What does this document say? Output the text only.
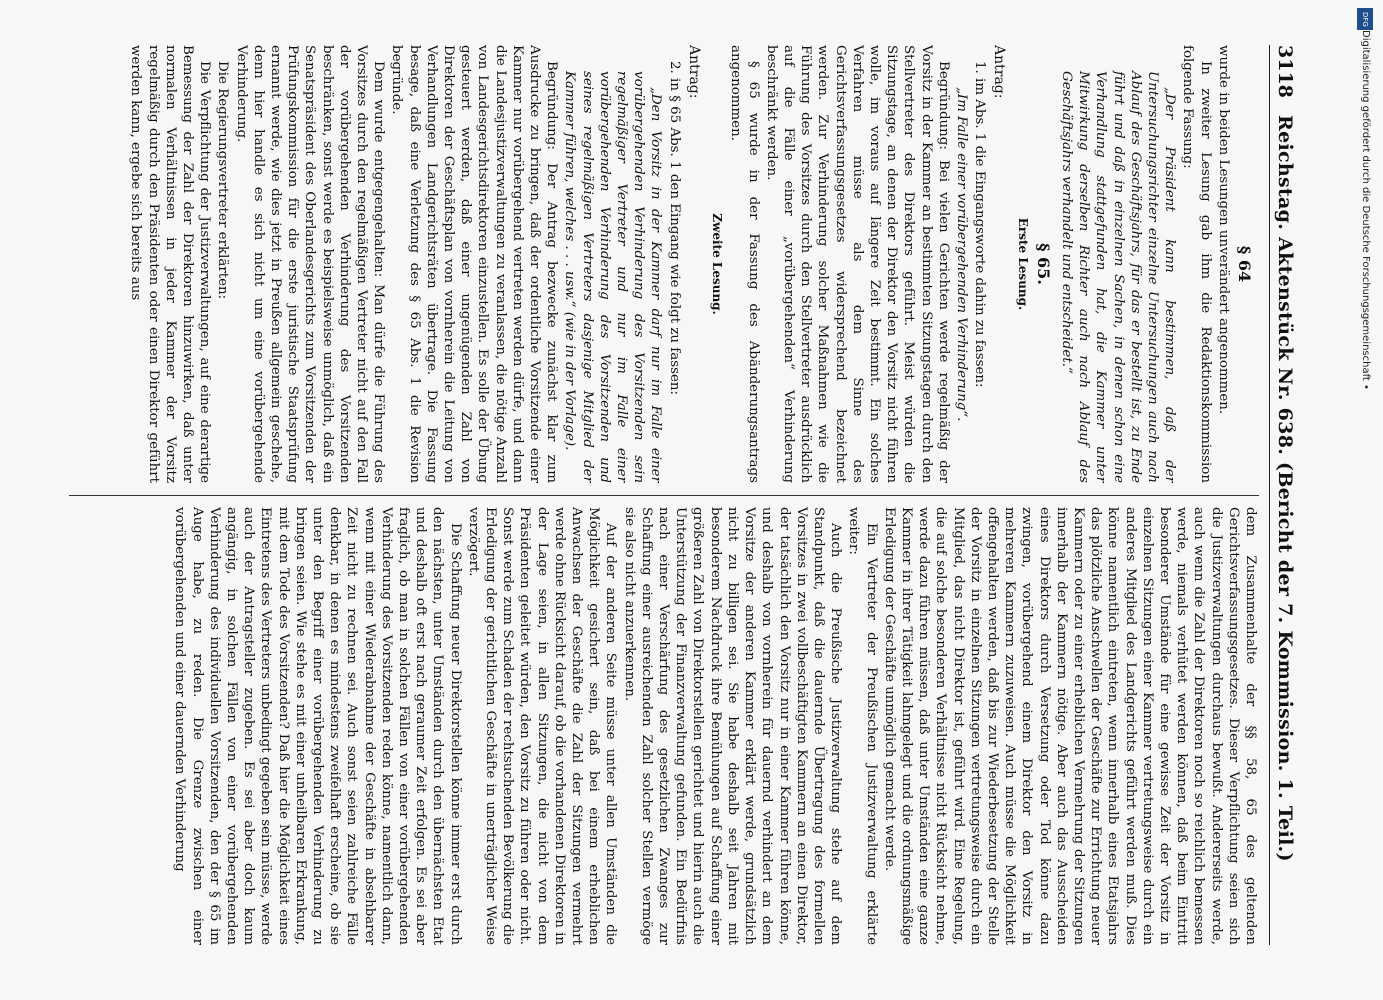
3118
Reichstag. Aktenstück Nr. 638. (Bericht der 7. Kommission. 1. Teil.)
§ 64

wurde in beiden Lesungen unverändert angenommen.

In zweiter Lesung gab ihm die Redaktionskommission folgende Fassung:

„Der Präsident kann bestimmen, daß der Untersuchungsrichter einzelne Untersuchungen auch nach Ablauf des Geschäftsjahrs, für das er bestellt ist, zu Ende führt und daß in einzelnen Sachen, in denen schon eine Verhandlung stattgefunden hat, die Kammer unter Mitwirkung derselben Richter auch nach Ablauf des Geschäftsjahrs verhandelt und entscheidet.“

§ 65.
Erste Lesung.
Antrag:

1. im Abs. 1 die Eingangsworte dahin zu fassen:

„Im Falle einer vorübergehenden Verhinderung“.

Begründung: Bei vielen Gerichten werde regelmäßig der Vorsitz in der Kammer an bestimmten Sitzungstagen durch den Stellvertreter des Direktors geführt. Meist würden die Sitzungstage, an denen der Direktor den Vorsitz nicht führen wolle, im voraus auf längere Zeit bestimmt. Ein solches Verfahren müsse als dem Sinne des Gerichtsverfassungsgesetzes widersprechend bezeichnet werden. Zur Verhinderung solcher Maßnahmen wie die Führung des Vorsitzes durch den Stellvertreter ausdrücklich auf die Fälle einer „vorübergehenden“ Verhinderung beschränkt werden.

§ 65 wurde in der Fassung des Abänderungsantrags angenommen.

Zweite Lesung.
Antrag:

2. in § 65 Abs. 1 den Eingang wie folgt zu fassen:

„Den Vorsitz in der Kammer darf nur im Falle einer vorübergehenden Verhinderung des Vorsitzenden sein regelmäßiger Vertreter und nur im Falle einer vorübergehenden Verhinderung des Vorsitzenden und seines regelmäßigen Vertreters dasjenige Mitglied der Kammer führen, welches . . . usw.“ (wie in der Vorlage).

Begründung: Der Antrag bezwecke zunächst klar zum Ausdrucke zu bringen, daß der ordentliche Vorsitzende einer Kammer nur vorübergehend vertreten werden dürfe, und dann die Landesjustizverwaltungen zu veranlassen, die nötige Anzahl von Landesgerichtsdirektoren einzustellen. Es solle der Übung gesteuert werden, daß einer ungenügenden Zahl von Direktoren der Geschäftsplan von vornherein die Leitung von Verhandlungen Landgerichtsräten übertrage. Die Fassung besage, daß eine Verletzung des § 65 Abs. 1 die Revision begründe.

Dem wurde entgegengehalten: Man dürfe die Führung des Vorsitzes durch den regelmäßigen Vertreter nicht auf den Fall der vorübergehenden Verhinderung des Vorsitzenden beschränken, sonst werde es beispielsweise unmöglich, daß ein Senatspräsident des Oberlandesgerichts zum Vorsitzenden der Prüfungskommission für die erste juristische Staatsprüfung ernannt werde, wie dies jetzt in Preußen allgemein geschehe, denn hier handle es sich nicht um eine vorübergehende Verhinderung.

Die Regierungsvertreter erklärten:

Die Verpflichtung der Justizverwaltungen, auf eine derartige Bemessung der Zahl der Direktoren hinzuwirken, daß unter normalen Verhältnissen in jeder Kammer der Vorsitz regelmäßig durch den Präsidenten oder einen Direktor geführt werden kann, ergebe sich bereits aus

dem Zusammenhalte der §§ 58, 65 des geltenden Gerichtsverfassungsgesetzes. Dieser Verpflichtung seien sich die Justizverwaltungen durchaus bewußt. Andererseits werde, auch wenn die Zahl der Direktoren noch so reichlich bemessen werde, niemals verhütet werden können, daß beim Eintritt besonderer Umstände für eine gewisse Zeit der Vorsitz in einzelnen Sitzungen einer Kammer vertretungsweise durch ein anderes Mitglied des Landgerichts geführt werden muß. Dies könne namentlich eintreten, wenn innerhalb eines Etatsjahrs das plötzliche Anschwellen der Geschäfte zur Errichtung neuer Kammern oder zu einer erheblichen Vermehrung der Sitzungen innerhalb der Kammern nötige. Aber auch das Ausscheiden eines Direktors durch Versetzung oder Tod könne dazu zwingen, vorübergehend einem Direktor den Vorsitz in mehreren Kammern zuzuweisen. Auch müsse die Möglichkeit offengehalten werden, daß bis zur Wiederbesetzung der Stelle der Vorsitz in einzelnen Sitzungen vertretungsweise durch ein Mitglied, das nicht Direktor ist, geführt wird. Eine Regelung, die auf solche besonderen Verhältnisse nicht Rücksicht nehme, werde dazu führen müssen, daß unter Umständen eine ganze Kammer in ihrer Tätigkeit lahmgelegt und die ordnungsmäßige Erledigung der Geschäfte unmöglich gemacht werde.

Ein Vertreter der Preußischen Justizverwaltung erklärte weiter:

Auch die Preußische Justizverwaltung stehe auf dem Standpunkt, daß die dauernde Übertragung des formellen Vorsitzes in zwei vollbeschäftigten Kammern an einen Direktor, der tatsächlich den Vorsitz nur in einer Kammer führen könne, und deshalb von vornherein für dauernd verhindert an dem Vorsitze der anderen Kammer erklärt werde, grundsätzlich nicht zu billigen sei. Sie habe deshalb seit Jahren mit besonderem Nachdruck ihre Bemühungen auf Schaffung einer größeren Zahl von Direktorstellen gerichtet und hierin auch die Unterstützung der Finanzverwaltung gefunden. Ein Bedürfnis nach einer Verschärfung des gesetzlichen Zwanges zur Schaffung einer ausreichenden Zahl solcher Stellen vermöge sie also nicht anzuerkennen.

Auf der anderen Seite müsse unter allen Umständen die Möglichkeit gesichert sein, daß bei einem erheblichen Anwachsen der Geschäfte die Zahl der Sitzungen vermehrt werde ohne Rücksicht darauf, ob die vorhandenen Direktoren in der Lage seien, in allen Sitzungen, die nicht von dem Präsidenten geleitet würden, den Vorsitz zu führen oder nicht. Sonst werde zum Schaden der rechtsuchenden Bevölkerung die Erledigung der gerichtlichen Geschäfte in unerträglicher Weise verzögert.

Die Schaffung neuer Direktorstellen könne immer erst durch den nächsten, unter Umständen durch den übernächsten Etat und deshalb oft erst nach geraumer Zeit erfolgen. Es sei aber fraglich, ob man in solchen Fällen von einer vorübergehenden Verhinderung des Vorsitzenden reden könne, namentlich dann, wenn mit einer Wiederabnahme der Geschäfte in absehbarer Zeit nicht zu rechnen sei. Auch sonst seien zahlreiche Fälle denkbar, in denen es mindestens zweifelhaft erscheine, ob sie unter den Begriff einer vorübergehenden Verhinderung zu bringen seien. Wie stehe es mit einer unheilbaren Erkrankung, mit dem Tode des Vorsitzenden? Daß hier die Möglichkeit eines Eintretens des Vertreters unbedingt gegeben sein müsse, werde auch der Antragsteller zugeben. Es sei aber doch kaum angängig, in solchen Fällen von einer vorübergehenden Verhinderung des individuellen Vorsitzenden, den der § 65 im Auge habe, zu reden. Die Grenze zwischen einer vorübergehenden und einer dauernden Verhinderung

DFG
Digitalisierung gefördert durch die Deutsche Forschungsgemeinschaft •
